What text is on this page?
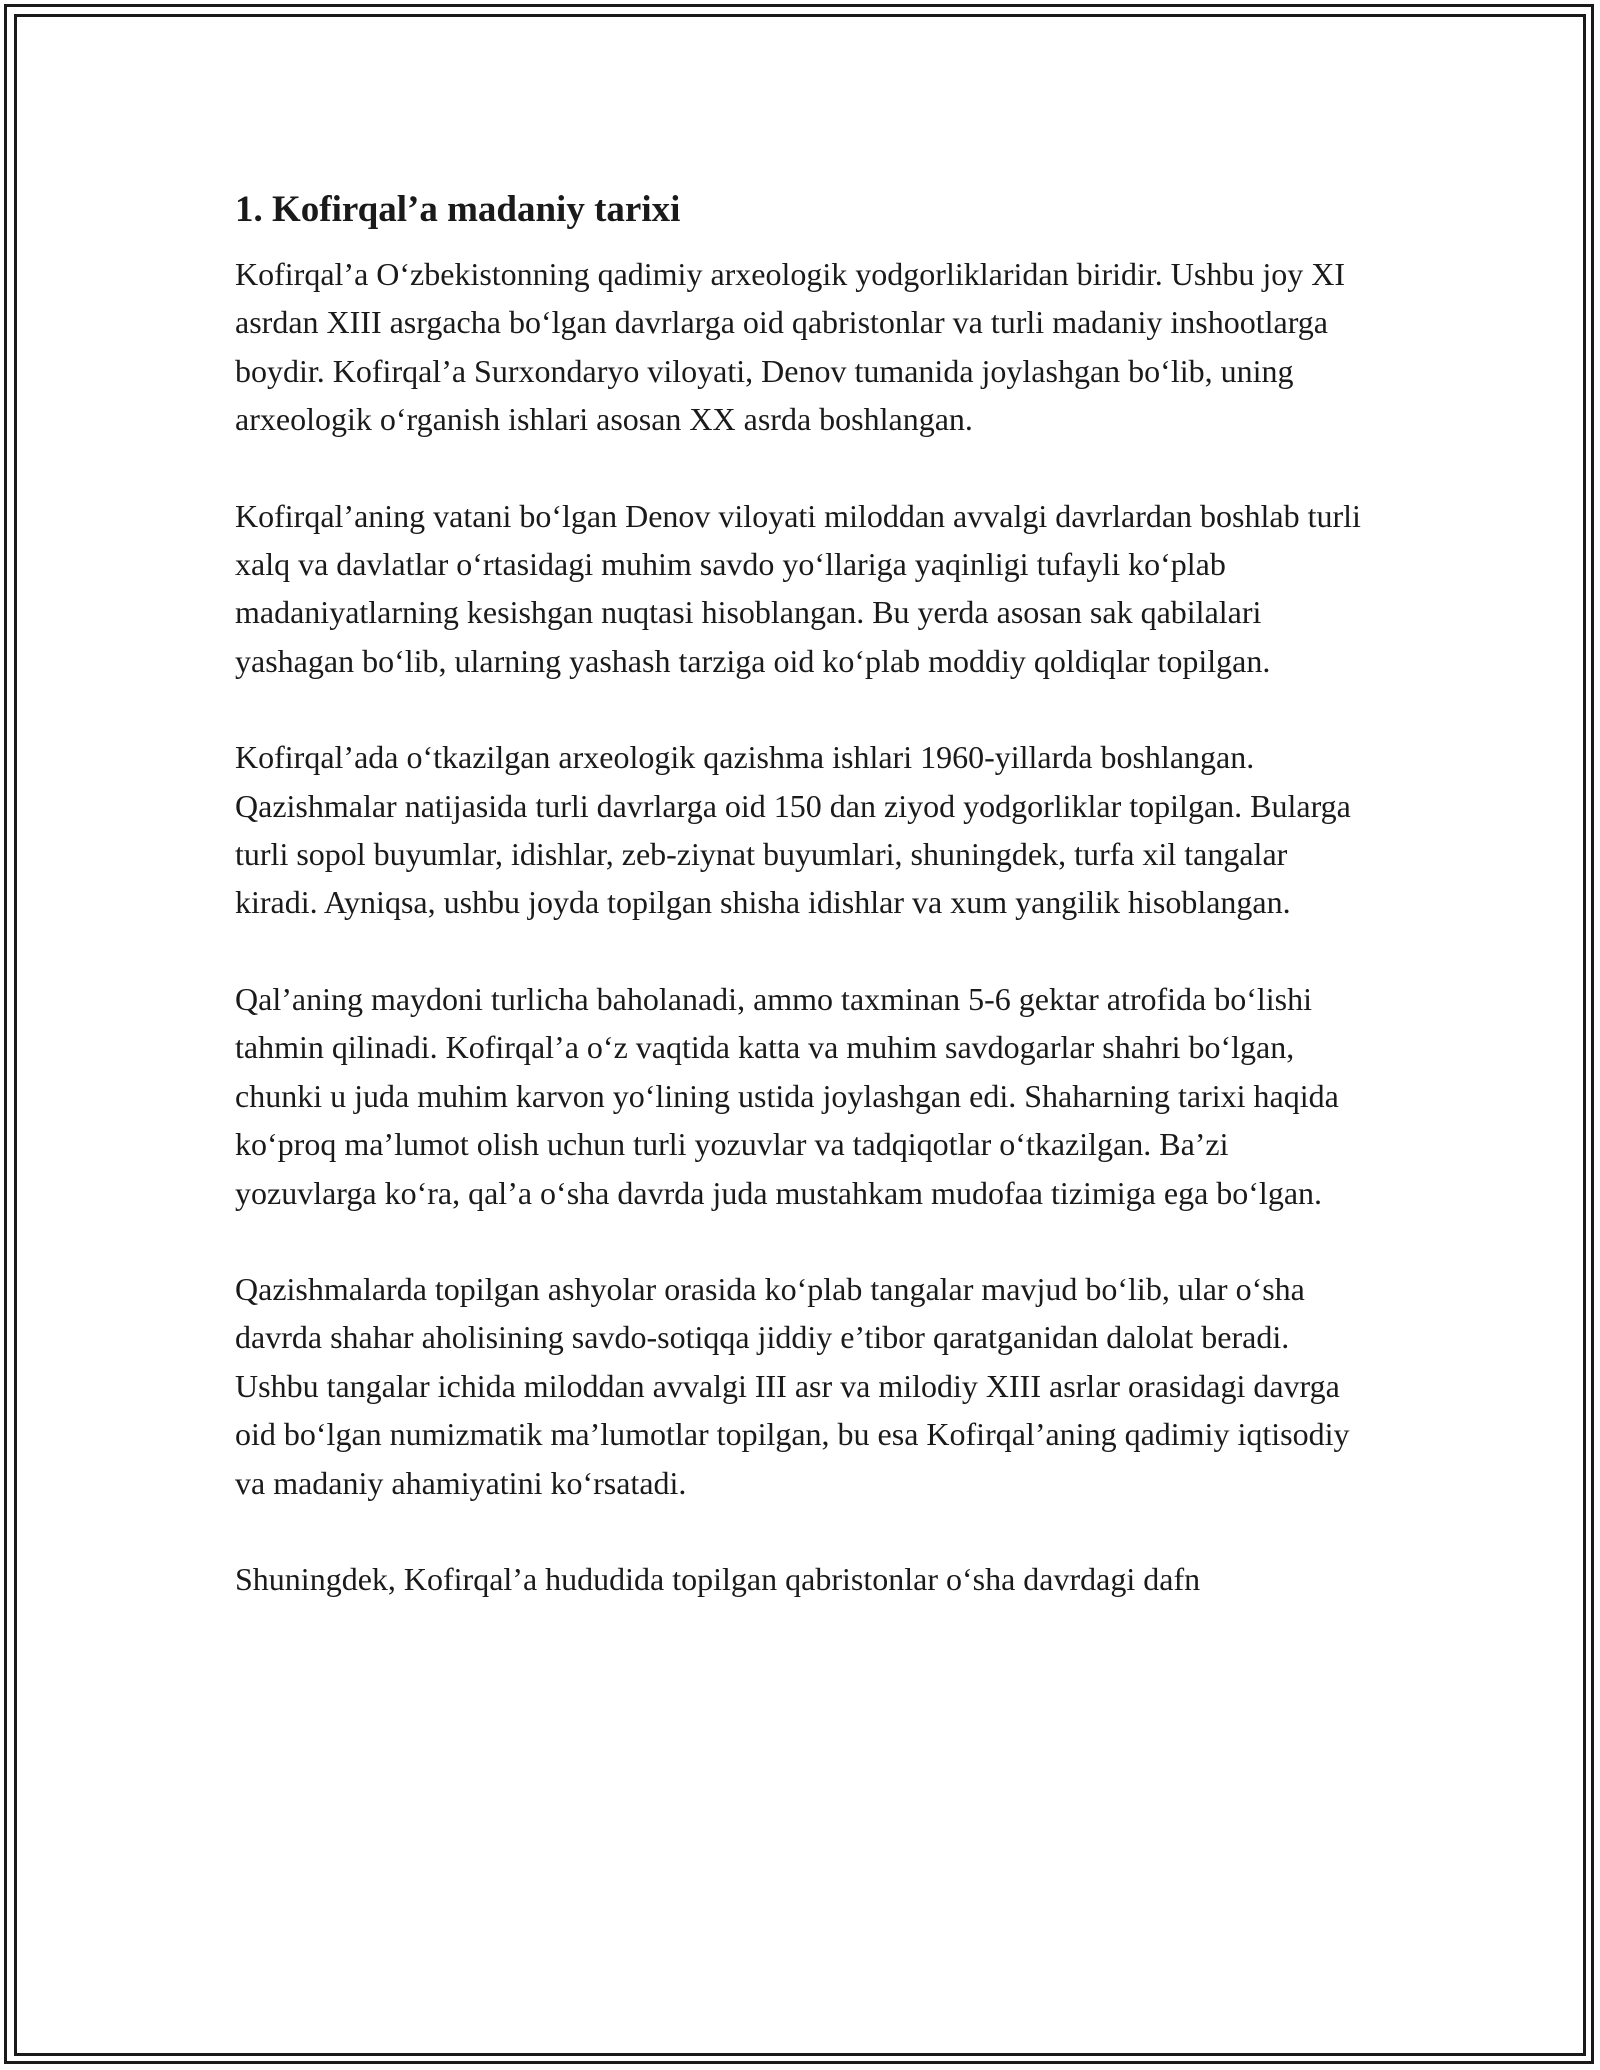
1. Kofirqal’a madaniy tarixi

Kofirqal’a O‘zbekistonning qadimiy arxeologik yodgorliklaridan biridir. Ushbu joy XI asrdan XIII asrgacha bo‘lgan davrlarga oid qabristonlar va turli madaniy inshootlarga boydir. Kofirqal’a Surxondaryo viloyati, Denov tumanida joylashgan bo‘lib, uning arxeologik o‘rganish ishlari asosan XX asrda boshlangan.

Kofirqal’aning vatani bo‘lgan Denov viloyati miloddan avvalgi davrlardan boshlab turli xalq va davlatlar o‘rtasidagi muhim savdo yo‘llariga yaqinligi tufayli ko‘plab madaniyatlarning kesishgan nuqtasi hisoblangan. Bu yerda asosan sak qabilalari yashagan bo‘lib, ularning yashash tarziga oid ko‘plab moddiy qoldiqlar topilgan.

Kofirqal’ada o‘tkazilgan arxeologik qazishma ishlari 1960-yillarda boshlangan. Qazishmalar natijasida turli davrlarga oid 150 dan ziyod yodgorliklar topilgan. Bularga turli sopol buyumlar, idishlar, zeb-ziynat buyumlari, shuningdek, turfa xil tangalar kiradi. Ayniqsa, ushbu joyda topilgan shisha idishlar va xum yangilik hisoblangan.

Qal’aning maydoni turlicha baholanadi, ammo taxminan 5-6 gektar atrofida bo‘lishi tahmin qilinadi. Kofirqal’a o‘z vaqtida katta va muhim savdogarlar shahri bo‘lgan, chunki u juda muhim karvon yo‘lining ustida joylashgan edi. Shaharning tarixi haqida ko‘proq ma’lumot olish uchun turli yozuvlar va tadqiqotlar o‘tkazilgan. Ba’zi yozuvlarga ko‘ra, qal’a o‘sha davrda juda mustahkam mudofaa tizimiga ega bo‘lgan.

Qazishmalarda topilgan ashyolar orasida ko‘plab tangalar mavjud bo‘lib, ular o‘sha davrda shahar aholisining savdo-sotiqqa jiddiy e’tibor qaratganidan dalolat beradi. Ushbu tangalar ichida miloddan avvalgi III asr va milodiy XIII asrlar orasidagi davrga oid bo‘lgan numizmatik ma’lumotlar topilgan, bu esa Kofirqal’aning qadimiy iqtisodiy va madaniy ahamiyatini ko‘rsatadi.

Shuningdek, Kofirqal’a hududida topilgan qabristonlar o‘sha davrdagi dafn
